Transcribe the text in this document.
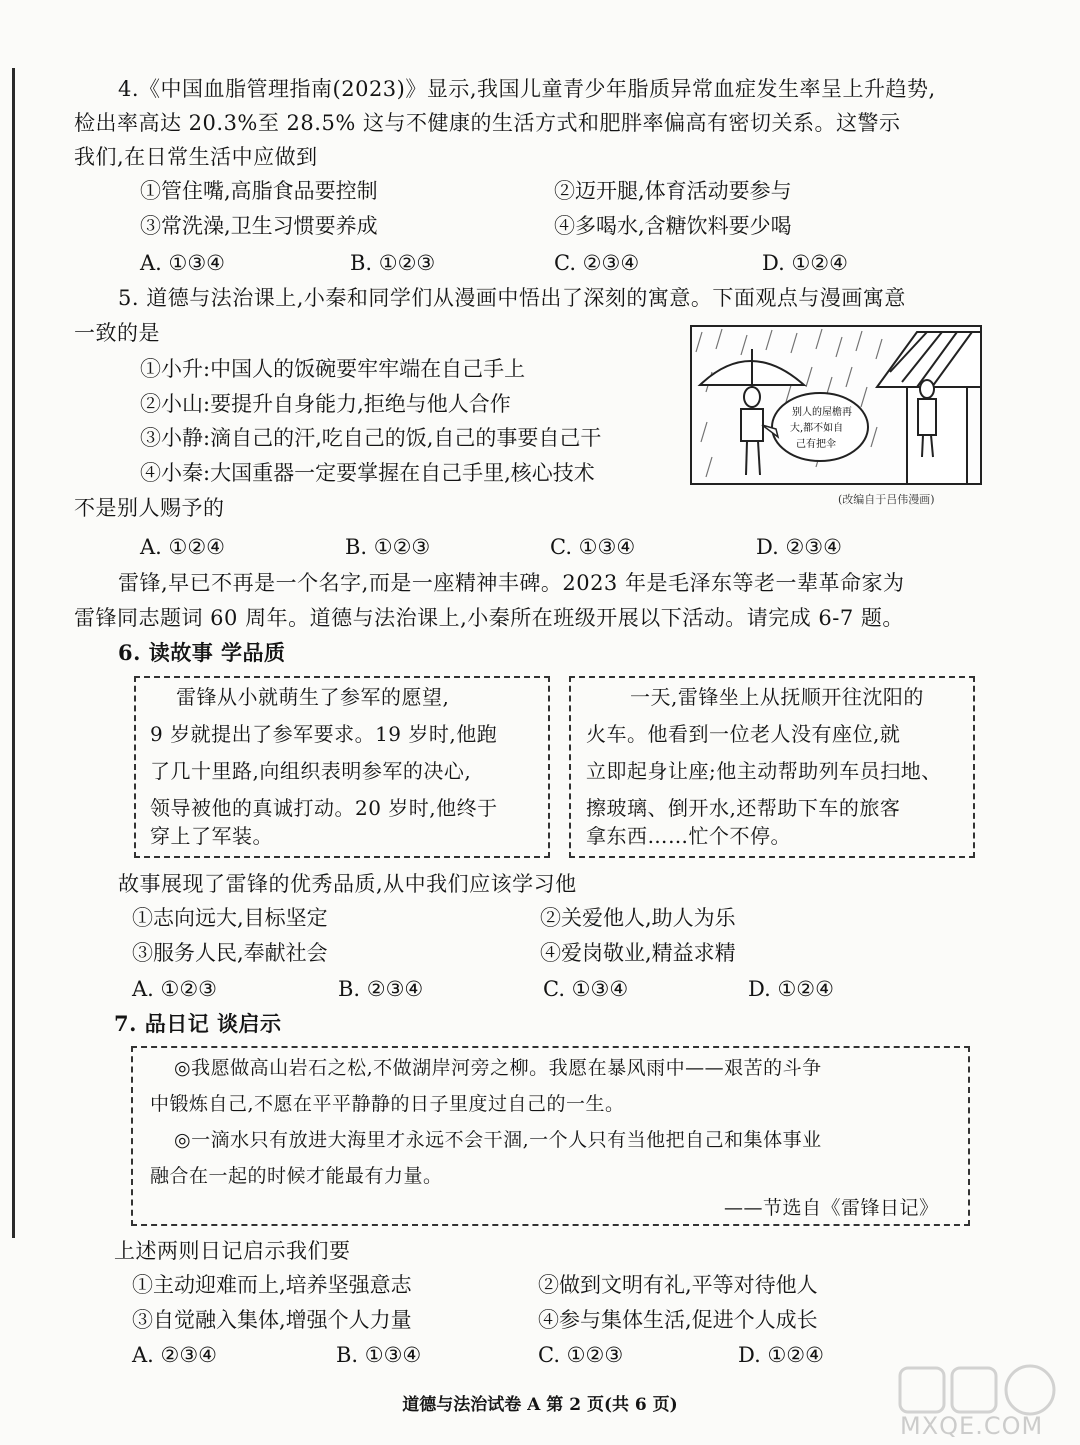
4.《中国血脂管理指南(2023)》显示,我国儿童青少年脂质异常血症发生率呈上升趋势,
检出率高达 20.3%至 28.5% 这与不健康的生活方式和肥胖率偏高有密切关系。这警示
我们,在日常生活中应做到
①管住嘴,高脂食品要控制	②迈开腿,体育活动要参与
③常洗澡,卫生习惯要养成	④多喝水,含糖饮料要少喝
A. ①③④	B. ①②③	C. ②③④	D. ①②④
5. 道德与法治课上,小秦和同学们从漫画中悟出了深刻的寓意。下面观点与漫画寓意
一致的是
①小升:中国人的饭碗要牢牢端在自己手上
②小山:要提升自身能力,拒绝与他人合作
③小静:滴自己的汗,吃自己的饭,自己的事要自己干
④小秦:大国重器一定要掌握在自己手里,核心技术
不是别人赐予的
别人的屋檐再
大,都不如自
己有把伞
(改编自于吕伟漫画)
A. ①②④	B. ①②③	C. ①③④	D. ②③④
雷锋,早已不再是一个名字,而是一座精神丰碑。2023 年是毛泽东等老一辈革命家为
雷锋同志题词 60 周年。道德与法治课上,小秦所在班级开展以下活动。请完成 6-7 题。
6. 读故事 学品质
雷锋从小就萌生了参军的愿望,
9 岁就提出了参军要求。19 岁时,他跑
了几十里路,向组织表明参军的决心,
领导被他的真诚打动。20 岁时,他终于
穿上了军装。
一天,雷锋坐上从抚顺开往沈阳的
火车。他看到一位老人没有座位,就
立即起身让座;他主动帮助列车员扫地、
擦玻璃、倒开水,还帮助下车的旅客
拿东西……忙个不停。
故事展现了雷锋的优秀品质,从中我们应该学习他
①志向远大,目标坚定	②关爱他人,助人为乐
③服务人民,奉献社会	④爱岗敬业,精益求精
A. ①②③	B. ②③④	C. ①③④	D. ①②④
7. 品日记 谈启示
◎我愿做高山岩石之松,不做湖岸河旁之柳。我愿在暴风雨中——艰苦的斗争
中锻炼自己,不愿在平平静静的日子里度过自己的一生。
◎一滴水只有放进大海里才永远不会干涸,一个人只有当他把自己和集体事业
融合在一起的时候才能最有力量。
——节选自《雷锋日记》
上述两则日记启示我们要
①主动迎难而上,培养坚强意志	②做到文明有礼,平等对待他人
③自觉融入集体,增强个人力量	④参与集体生活,促进个人成长
A. ②③④	B. ①③④	C. ①②③	D. ①②④
道德与法治试卷 A 第 2 页(共 6 页)
MXQE.COM
